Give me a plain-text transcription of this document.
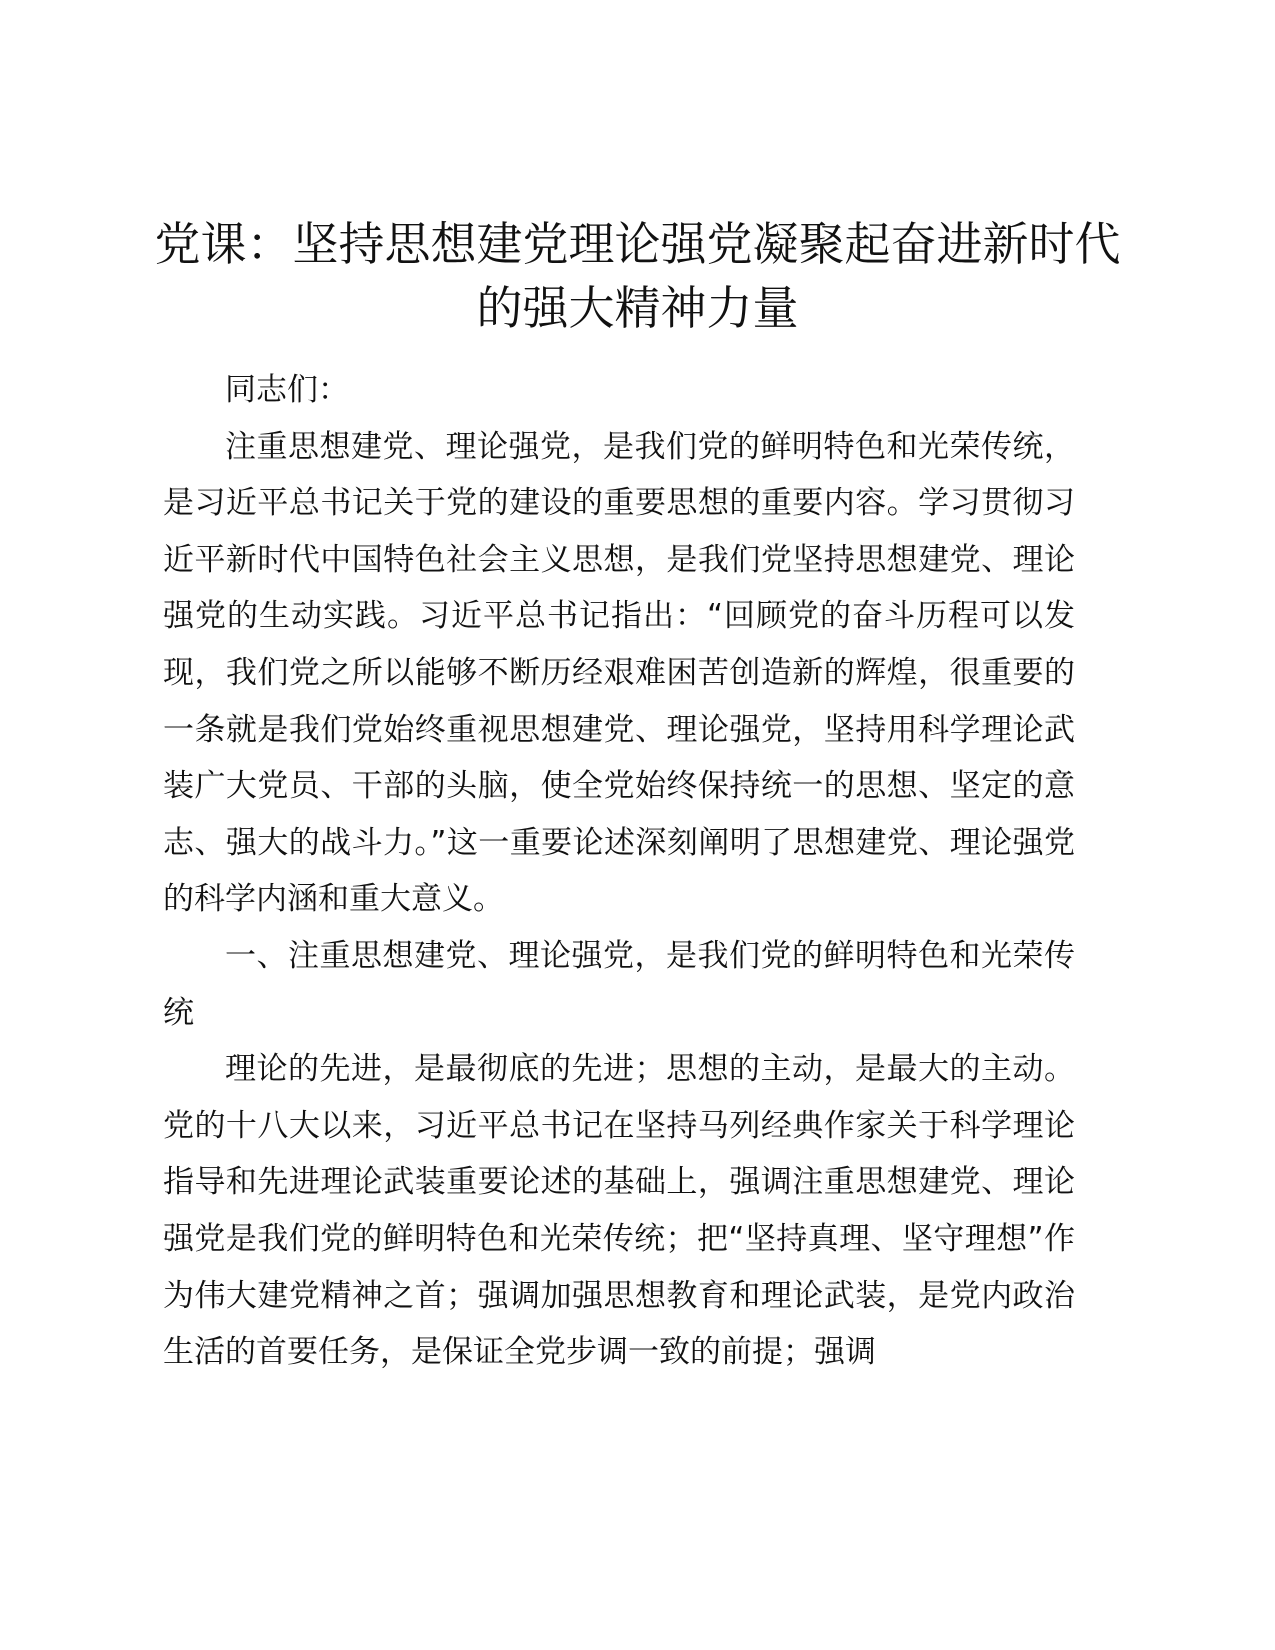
党课：坚持思想建党理论强党凝聚起奋进新时代的强大精神力量

同志们：

注重思想建党、理论强党，是我们党的鲜明特色和光荣传统，是习近平总书记关于党的建设的重要思想的重要内容。学习贯彻习近平新时代中国特色社会主义思想，是我们党坚持思想建党、理论强党的生动实践。习近平总书记指出：“回顾党的奋斗历程可以发现，我们党之所以能够不断历经艰难困苦创造新的辉煌，很重要的一条就是我们党始终重视思想建党、理论强党，坚持用科学理论武装广大党员、干部的头脑，使全党始终保持统一的思想、坚定的意志、强大的战斗力。”这一重要论述深刻阐明了思想建党、理论强党的科学内涵和重大意义。

一、注重思想建党、理论强党，是我们党的鲜明特色和光荣传统

理论的先进，是最彻底的先进；思想的主动，是最大的主动。党的十八大以来，习近平总书记在坚持马列经典作家关于科学理论指导和先进理论武装重要论述的基础上，强调注重思想建党、理论强党是我们党的鲜明特色和光荣传统；把“坚持真理、坚守理想”作为伟大建党精神之首；强调加强思想教育和理论武装，是党内政治生活的首要任务，是保证全党步调一致的前提；强调
